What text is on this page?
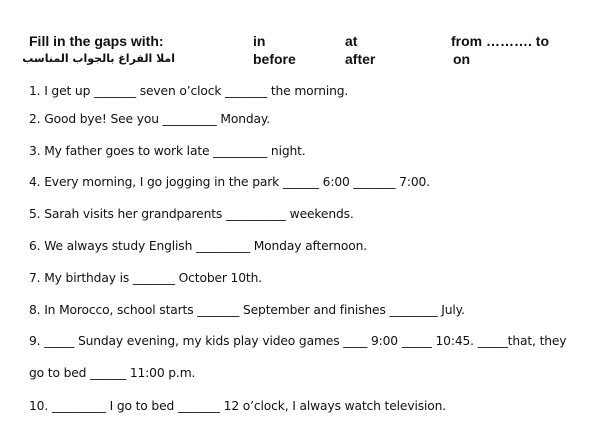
Fill in the gaps with:
املا الفراغ بالجواب المناسب
in	at	from ………. to
before	after	on
1. I get up _______ seven o’clock _______ the morning.
2. Good bye! See you _________ Monday.
3. My father goes to work late _________ night.
4. Every morning, I go jogging in the park ______ 6:00 _______ 7:00.
5. Sarah visits her grandparents __________ weekends.
6. We always study English _________ Monday afternoon.
7. My birthday is _______ October 10th.
8. In Morocco, school starts _______ September and finishes ________ July.
9. _____ Sunday evening, my kids play video games ____ 9:00 _____ 10:45. _____that, they
go to bed ______ 11:00 p.m.
10. _________ I go to bed _______ 12 o’clock, I always watch television.
